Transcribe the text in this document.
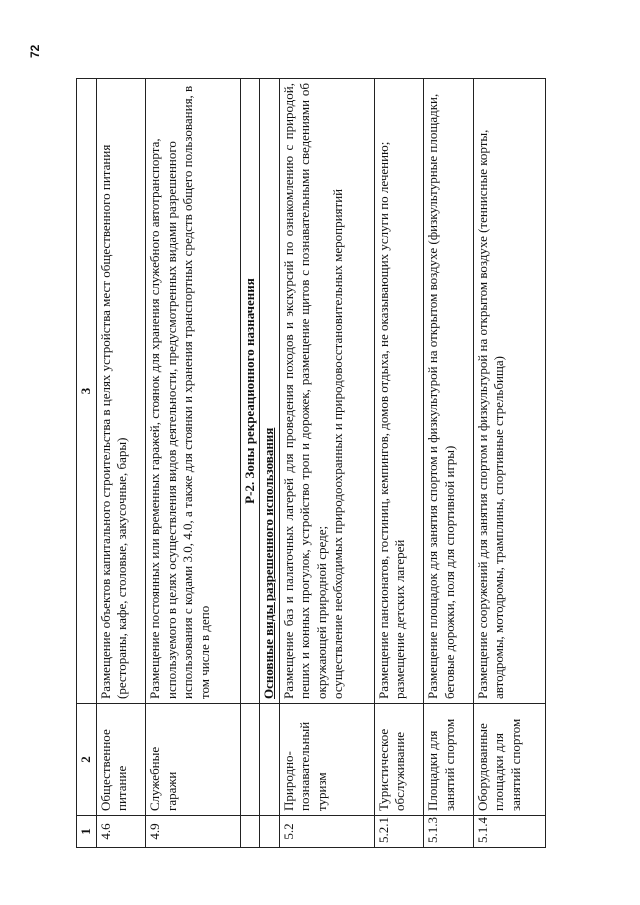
72
1	2	3
4.6	Общественное питание	Размещение объектов капитального строительства в целях устройства мест общественного питания (рестораны, кафе, столовые, закусочные, бары)
4.9	Служебные гаражи	Размещение постоянных или временных гаражей, стоянок для хранения служебного автотранспорта, используемого в целях осуществления видов деятельности, предусмотренных видами разрешенного использования с кодами 3.0, 4.0, а также для стоянки и хранения транспортных средств общего пользования, в том числе в депо
		Р-2. Зоны рекреационного назначения
		Основные виды разрешенного использования
5.2	Природно-познавательный туризм	Размещение баз и палаточных лагерей для проведения походов и экскурсий по ознакомлению с природой, пеших и конных прогулок, устройство троп и дорожек, размещение щитов с познавательными сведениями об окружающей природной среде; осуществление необходимых природоохранных и природовосстановительных мероприятий

5.2.1	Туристическое обслуживание	Размещение пансионатов, гостиниц, кемпингов, домов отдыха, не оказывающих услуги по лечению; размещение детских лагерей

5.1.3	Площадки для занятий спортом	Размещение площадок для занятия спортом и физкультурой на открытом воздухе (физкультурные площадки, беговые дорожки, поля для спортивной игры)

5.1.4	Оборудованные площадки для занятий спортом	Размещение сооружений для занятия спортом и физкультурой на открытом воздухе (теннисные корты, автодромы, мотодромы, трамплины, спортивные стрельбища)
